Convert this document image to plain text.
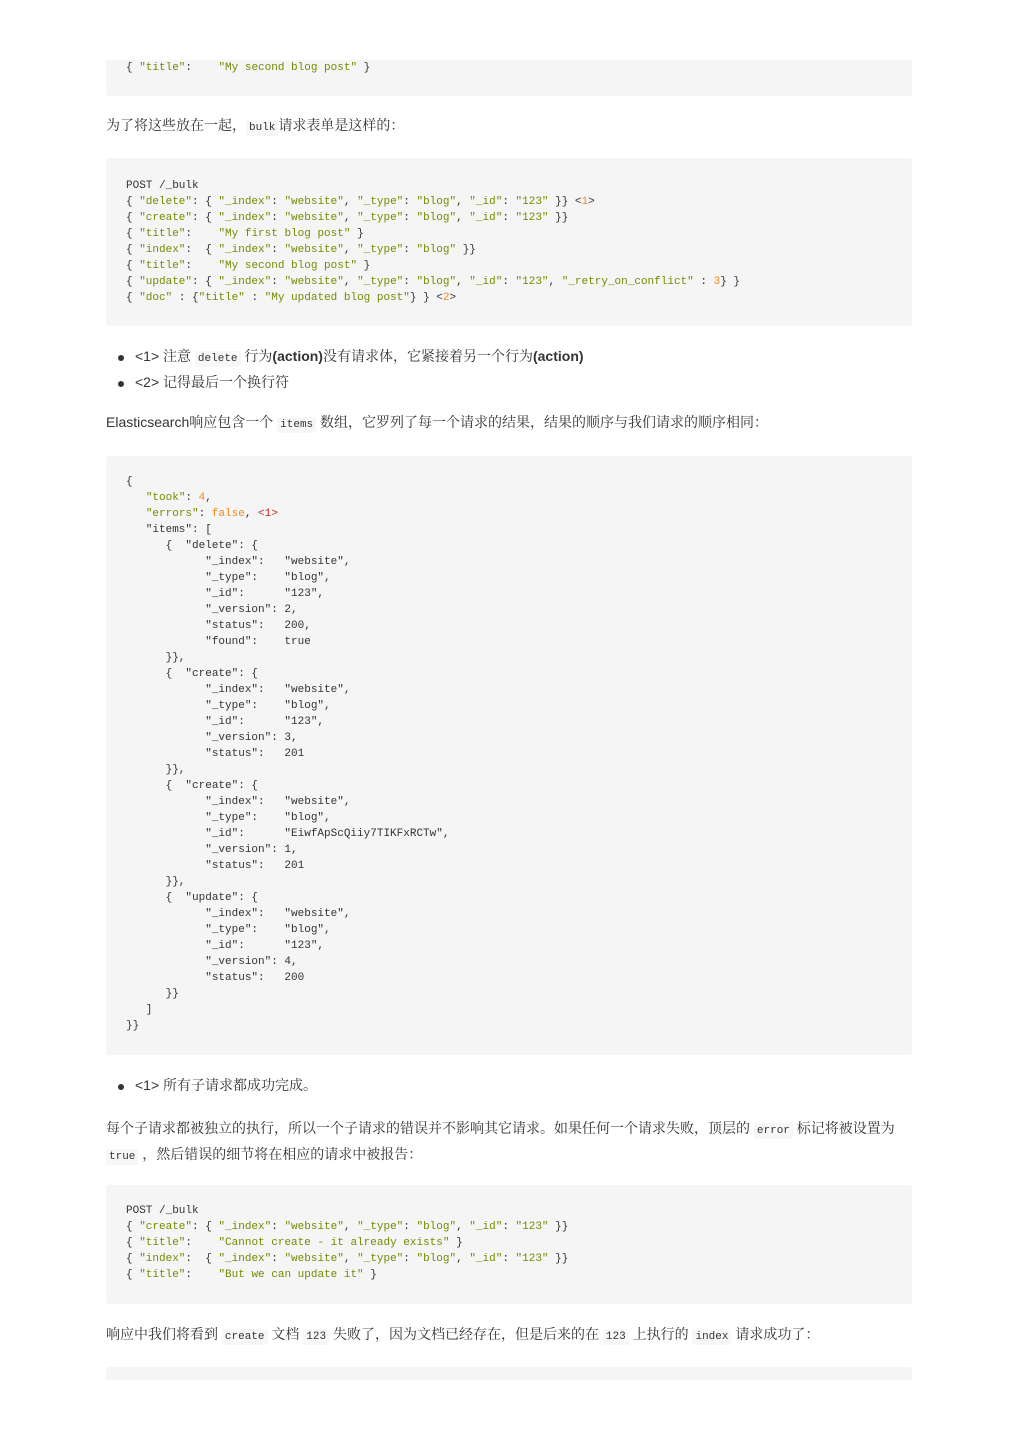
{ "title":    "My second blog post" }

为了将这些放在一起， bulk 请求表单是这样的：

POST /_bulk
{ "delete": { "_index": "website", "_type": "blog", "_id": "123" }} <1>
{ "create": { "_index": "website", "_type": "blog", "_id": "123" }}
{ "title":    "My first blog post" }
{ "index":  { "_index": "website", "_type": "blog" }}
{ "title":    "My second blog post" }
{ "update": { "_index": "website", "_type": "blog", "_id": "123", "_retry_on_conflict" : 3} }
{ "doc" : {"title" : "My updated blog post"} } <2>
<1> 注意 delete 行为(action)没有请求体，它紧接着另一个行为(action)
<2> 记得最后一个换行符

Elasticsearch响应包含一个 items 数组，它罗列了每一个请求的结果，结果的顺序与我们请求的顺序相同：

{
"took": 4,
"errors": false, <1>
"items": [
{  "delete": {
"_index":   "website",
"_type":    "blog",
"_id":      "123",
"_version": 2,
"status":   200,
"found":    true
}},
{  "create": {
"_index":   "website",
"_type":    "blog",
"_id":      "123",
"_version": 3,
"status":   201
}},
{  "create": {
"_index":   "website",
"_type":    "blog",
"_id":      "EiwfApScQiiy7TIKFxRCTw",
"_version": 1,
"status":   201
}},
{  "update": {
"_index":   "website",
"_type":    "blog",
"_id":      "123",
"_version": 4,
"status":   200
}}
]
}}
<1> 所有子请求都成功完成。

每个子请求都被独立的执行，所以一个子请求的错误并不影响其它请求。如果任何一个请求失败，顶层的 error 标记将被设置为 true ，然后错误的细节将在相应的请求中被报告：

POST /_bulk
{ "create": { "_index": "website", "_type": "blog", "_id": "123" }}
{ "title":    "Cannot create - it already exists" }
{ "index":  { "_index": "website", "_type": "blog", "_id": "123" }}
{ "title":    "But we can update it" }

响应中我们将看到 create 文档 123 失败了，因为文档已经存在，但是后来的在 123 上执行的 index 请求成功了：
